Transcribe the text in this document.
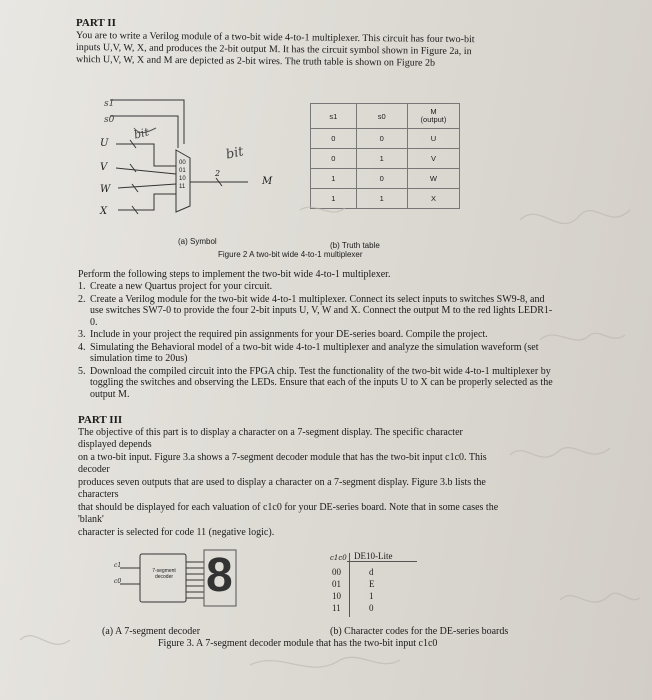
PART II
You are to write a Verilog module of a two-bit wide 4-to-1 multiplexer. This circuit has four two-bit
inputs U,V, W, X, and produces the 2-bit output M. It has the circuit symbol shown in Figure 2a, in
which U,V, W, X and M are depicted as 2-bit wires. The truth table is shown on Figure 2b
s1
s0
U
V
W
X
M
00
01
10
11
2
bit
bit
s1	s0	M
(output)
0	0	U
0	1	V
1	0	W
1	1	X
(a) Symbol	(b) Truth table
Figure 2 A two-bit wide 4-to-1 multiplexer
Perform the following steps to implement the two-bit wide 4-to-1 multiplexer.
1. Create a new Quartus project for your circuit.
2. Create a Verilog module for the two-bit wide 4-to-1 multiplexer. Connect its select inputs to switches SW9-8, and use switches SW7-0 to provide the four 2-bit inputs U, V, W and X. Connect the output M to the red lights LEDR1-0.
3. Include in your project the required pin assignments for your DE-series board. Compile the project.
4. Simulating the Behavioral model of a two-bit wide 4-to-1 multiplexer and analyze the simulation waveform (set simulation time to 20us)
5. Download the compiled circuit into the FPGA chip. Test the functionality of the two-bit wide 4-to-1 multiplexer by toggling the switches and observing the LEDs. Ensure that each of the inputs U to X can be properly selected as the output M.
PART III
The objective of this part is to display a character on a 7-segment display. The specific character
displayed depends
on a two-bit input. Figure 3.a shows a 7-segment decoder module that has the two-bit input c1c0. This
decoder
produces seven outputs that are used to display a character on a 7-segment display. Figure 3.b lists the
characters
that should be displayed for each valuation of c1c0 for your DE-series board. Note that in some cases the
'blank'
character is selected for code 11 (negative logic).
c1
c0
7-segment decoder 8	c1c0 DE10-Lite
00	d
01	E
10	1
11	0
(a) A 7-segment decoder	(b) Character codes for the DE-series boards
Figure 3. A 7-segment decoder module that has the two-bit input c1c0
